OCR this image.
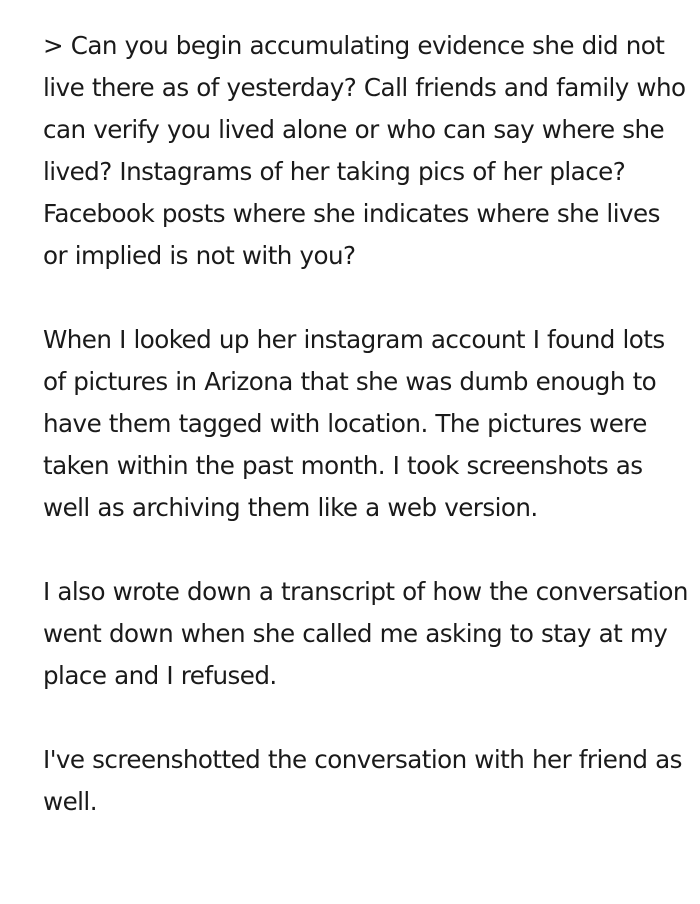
> Can you begin accumulating evidence she did not live there as of yesterday? Call friends and family who can verify you lived alone or who can say where she lived? Instagrams of her taking pics of her place? Facebook posts where she indicates where she lives or implied is not with you?

When I looked up her instagram account I found lots of pictures in Arizona that she was dumb enough to have them tagged with location. The pictures were taken within the past month. I took screenshots as well as archiving them like a web version.

I also wrote down a transcript of how the conversation went down when she called me asking to stay at my place and I refused.

I've screenshotted the conversation with her friend as well.
